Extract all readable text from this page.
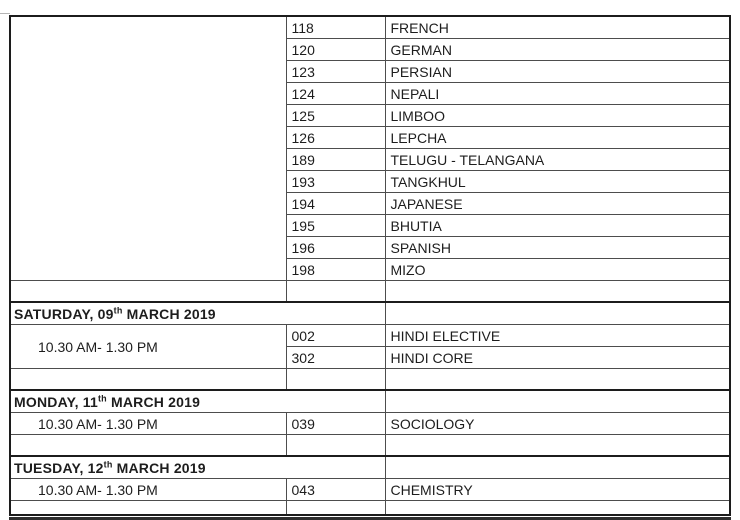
	118	FRENCH
	120	GERMAN
	123	PERSIAN
	124	NEPALI
	125	LIMBOO
	126	LEPCHA
	189	TELUGU - TELANGANA
	193	TANGKHUL
	194	JAPANESE
	195	BHUTIA
	196	SPANISH
	198	MIZO

SATURDAY, 09th MARCH 2019		
10.30 AM- 1.30 PM	002	HINDI ELECTIVE
	302	HINDI CORE

MONDAY, 11th MARCH 2019		
10.30 AM- 1.30 PM	039	SOCIOLOGY

TUESDAY, 12th MARCH 2019		
10.30 AM- 1.30 PM	043	CHEMISTRY
